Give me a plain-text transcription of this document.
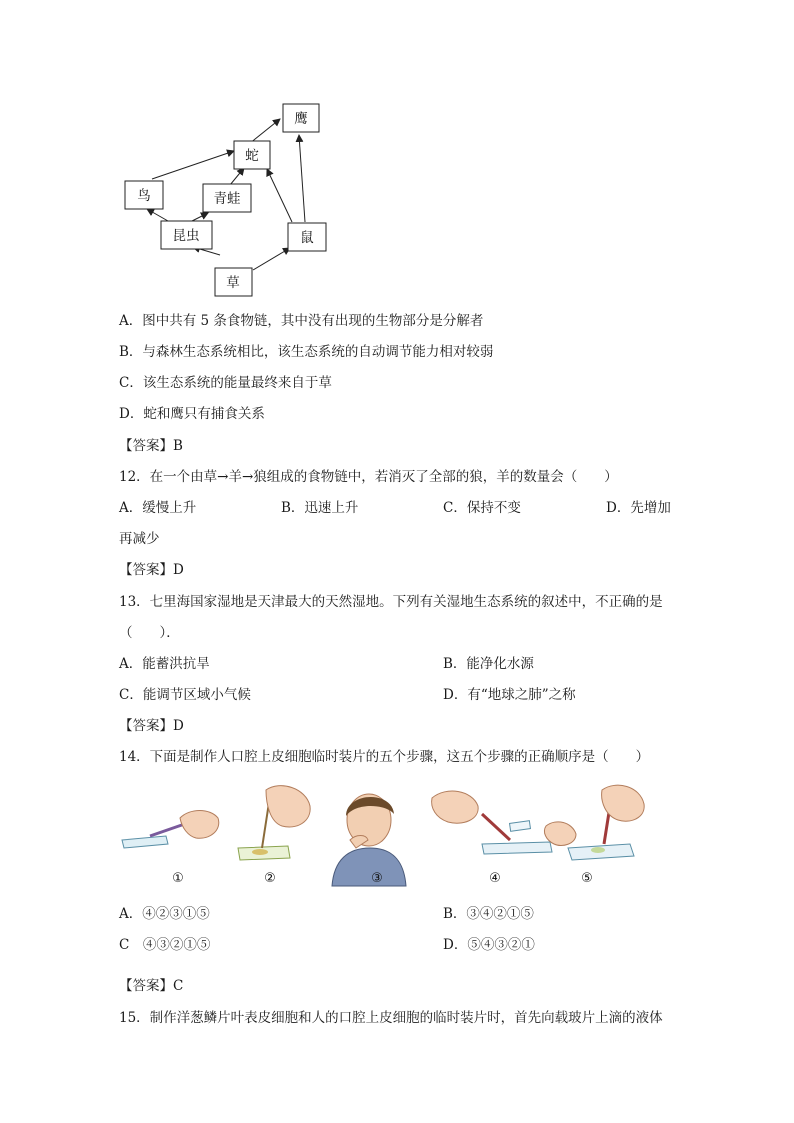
鹰
蛇
鸟	青蛙
昆虫	鼠
草
A．图中共有 5 条食物链，其中没有出现的生物部分是分解者
B．与森林生态系统相比，该生态系统的自动调节能力相对较弱
C．该生态系统的能量最终来自于草
D．蛇和鹰只有捕食关系
【答案】B
12．在一个由草→羊→狼组成的食物链中，若消灭了全部的狼，羊的数量会（　　）
A．缓慢上升	B．迅速上升	C．保持不变	D．先增加
再减少
【答案】D
13．七里海国家湿地是天津最大的天然湿地。下列有关湿地生态系统的叙述中，不正确的是
（　　）．
A．能蓄洪抗旱	B．能净化水源
C．能调节区域小气候	D．有“地球之肺”之称
【答案】D
14．下面是制作人口腔上皮细胞临时装片的五个步骤，这五个步骤的正确顺序是（　　）
①	②	③	④	⑤
A．④②③①⑤	B．③④②①⑤
C　④③②①⑤	D．⑤④③②①
【答案】C
15．制作洋葱鳞片叶表皮细胞和人的口腔上皮细胞的临时装片时，首先向载玻片上滴的液体
